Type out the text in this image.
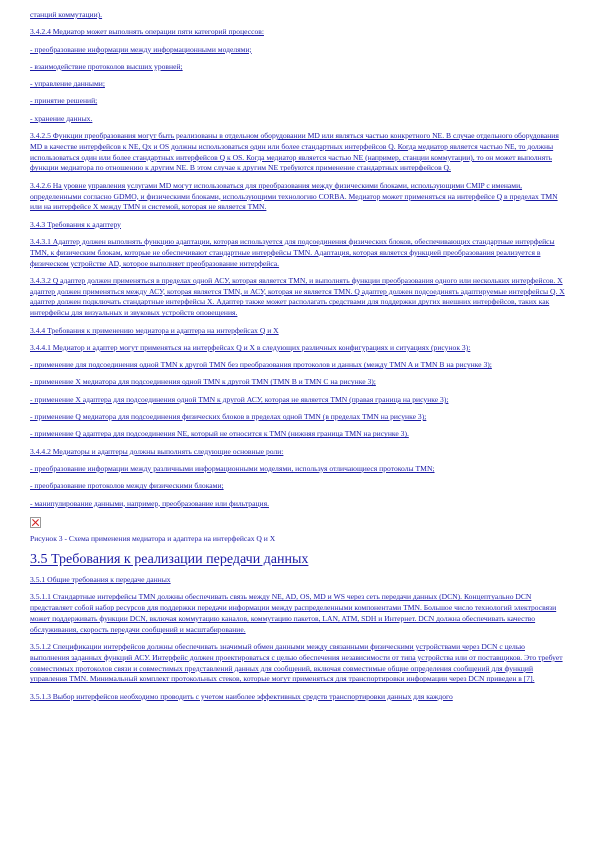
станций коммутации).
3.4.2.4 Медиатор может выполнять операции пяти категорий процессов:
- преобразование информации между информационными моделями;
- взаимодействие протоколов высших уровней;
- управление данными;
- принятие решений;
- хранение данных.
3.4.2.5 Функции преобразования могут быть реализованы в отдельном оборудовании MD или являться частью конкретного NE. В случае отдельного оборудования MD в качестве интерфейсов к NE, Qx и OS должны использоваться один или более стандартных интерфейсов Q. Когда медиатор является частью NE, то должны использоваться один или более стандартных интерфейсов Q к OS. Когда медиатор является частью NE (например, станции коммутации), то он может выполнять функции медиатора по отношению к другим NE. В этом случае к другим NE требуются применение стандартных интерфейсов Q.
3.4.2.6 На уровне управления услугами MD могут использоваться для преобразования между физическими блоками, использующими CMIP с именами, определенными согласно GDMO, и физическими блоками, использующими технологию CORBA. Медиатор может применяться на интерфейсе Q в пределах TMN или на интерфейсе X между TMN и системой, которая не является TMN.
3.4.3 Требования к адаптеру
3.4.3.1 Адаптер должен выполнять функцию адаптации, которая используется для подсоединения физических блоков, обеспечивающих стандартные интерфейсы TMN, к физическим блокам, которые не обеспечивают стандартные интерфейсы TMN. Адаптация, которая является функцией преобразования реализуется в физическом устройстве AD, которое выполняет преобразование интерфейса.
3.4.3.2 Q адаптер должен применяться в пределах одной АСУ, которая является TMN, и выполнять функции преобразования одного или нескольких интерфейсов. X адаптер должен применяться между АСУ, которая является TMN, и АСУ, которая не является TMN. Q адаптер должен подсоединять адаптируемые интерфейсы Q. X адаптер должен подключать стандартные интерфейсы X. Адаптер также может располагать средствами для поддержки других внешних интерфейсов, таких как интерфейсы для визуальных и звуковых устройств оповещения.
3.4.4 Требования к применению медиатора и адаптера на интерфейсах Q и X
3.4.4.1 Медиатор и адаптер могут применяться на интерфейсах Q и X в следующих различных конфигурациях и ситуациях (рисунок 3):
- применение для подсоединения одной TMN к другой TMN без преобразования протоколов и данных (между TMN A и TMN B на рисунке 3);
- применение X медиатора для подсоединения одной TMN к другой TMN (TMN B и TMN C на рисунке 3);
- применение X адаптера для подсоединения одной TMN к другой АСУ, которая не является TMN (правая граница на рисунке 3);
- применение Q медиатора для подсоединения физических блоков в пределах одной TMN (в пределах TMN на рисунке 3);
- применение Q адаптера для подсоединения NE, который не относится к TMN (нижняя граница TMN на рисунке 3).
3.4.4.2 Медиаторы и адаптеры должны выполнять следующие основные роли:
- преобразование информации между различными информационными моделями, используя отличающиеся протоколы TMN;
- преобразование протоколов между физическими блоками;
- манипулирование данными, например, преобразование или фильтрация.
Рисунок 3 - Схема применения медиатора и адаптера на интерфейсах Q и X
3.5 Требования к реализации передачи данных
3.5.1 Общие требования к передаче данных
3.5.1.1 Стандартные интерфейсы TMN должны обеспечивать связь между NE, AD, OS, MD и WS через сеть передачи данных (DCN). Концептуально DCN представляет собой набор ресурсов для поддержки передачи информации между распределенными компонентами TMN. Большое число технологий электросвязи может поддерживать функции DCN, включая коммутацию каналов, коммутацию пакетов, LAN, ATM, SDH и Интернет. DCN должна обеспечивать качество обслуживания, скорость передачи сообщений и масштабирование.
3.5.1.2 Спецификации интерфейсов должны обеспечивать значимый обмен данными между связанными физическими устройствами через DCN с целью выполнения заданных функций АСУ. Интерфейс должен проектироваться с целью обеспечения независимости от типа устройства или от поставщиков. Это требует совместимых протоколов связи и совместимых представлений данных для сообщений, включая совместимые общие определения сообщений для функций управления TMN. Минимальный комплект протокольных стеков, которые могут применяться для транспортировки информации через DCN приведен в [7].
3.5.1.3 Выбор интерфейсов необходимо проводить с учетом наиболее эффективных средств транспортировки данных для каждого
